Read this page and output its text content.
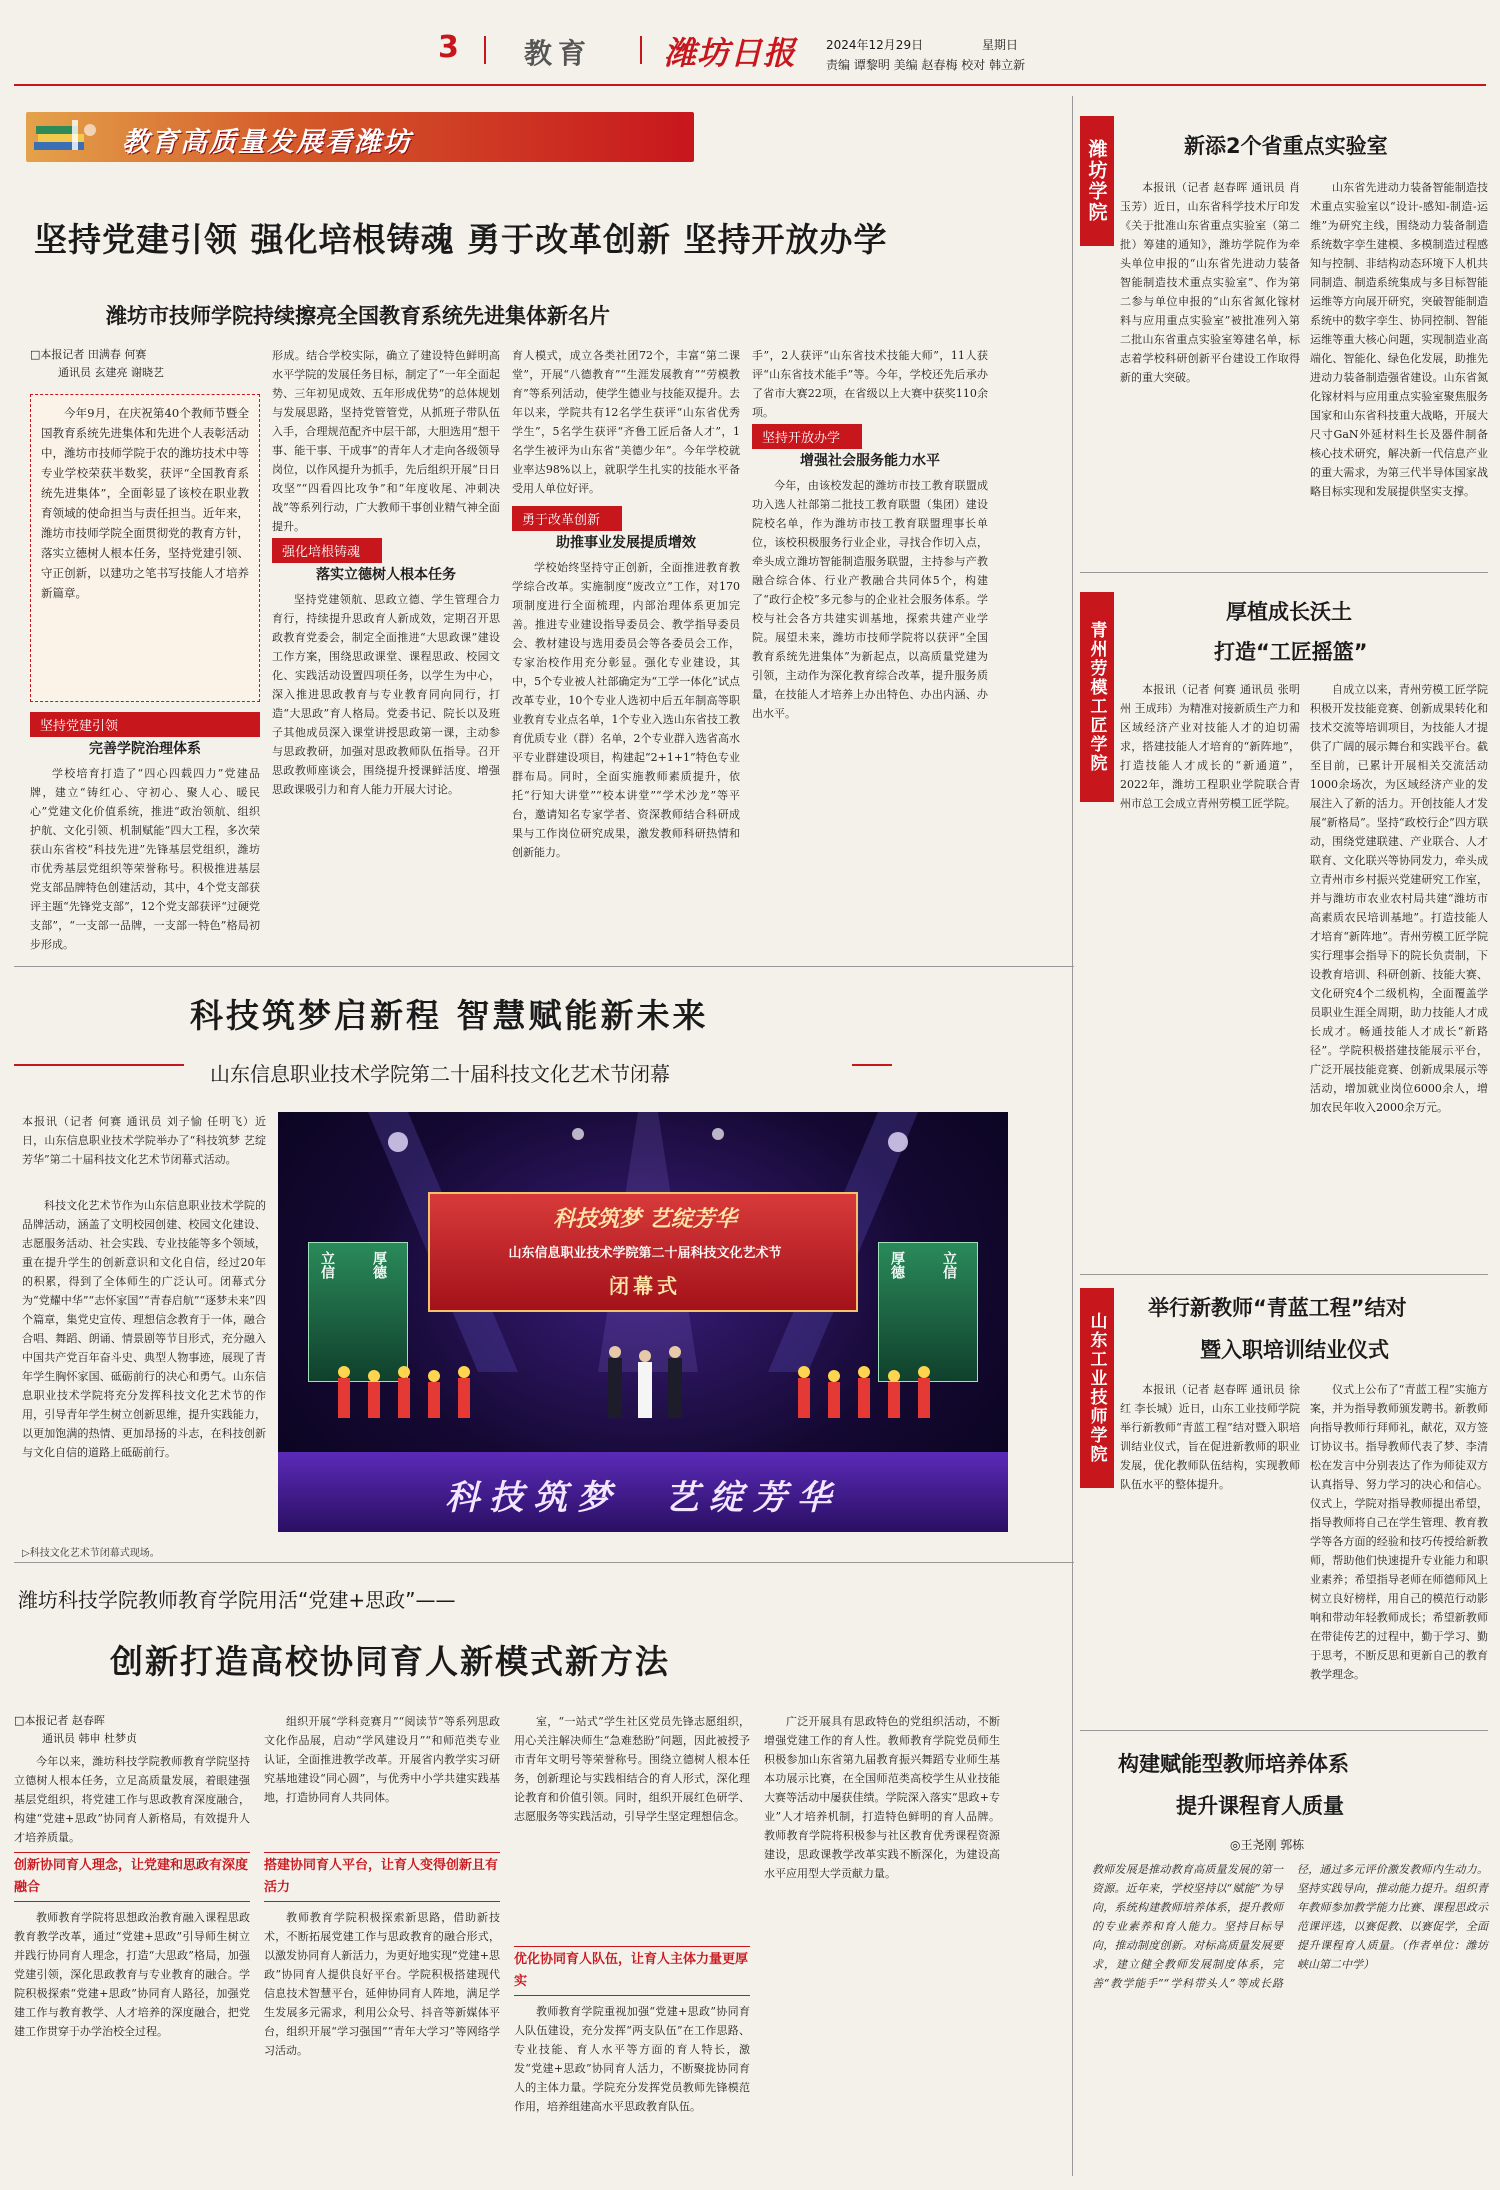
3 教育 潍坊日报 2024年12月29日	星期日
责编 谭黎明 美编 赵春梅 校对 韩立新
教育高质量发展看潍坊
坚持党建引领 强化培根铸魂 勇于改革创新 坚持开放办学
潍坊市技师学院持续擦亮全国教育系统先进集体新名片
□本报记者 田满春 何赛
通讯员 玄建亮 谢晓艺
今年9月，在庆祝第40个教师节暨全国教育系统先进集体和先进个人表彰活动中，潍坊市技师学院于农的潍坊技术中等专业学校荣获半数奖，获评“全国教育系统先进集体”，全面彰显了该校在职业教育领域的使命担当与责任担当。近年来，潍坊市技师学院全面贯彻党的教育方针，落实立德树人根本任务，坚持党建引领、守正创新，以建功之笔书写技能人才培养新篇章。
坚持党建引领
完善学院治理体系
学校培育打造了“四心四载四力”党建品牌，建立“铸红心、守初心、聚人心、暖民心”党建文化价值系统，推进“政治领航、组织护航、文化引领、机制赋能”四大工程，多次荣获山东省校“科技先进”先锋基层党组织，潍坊市优秀基层党组织等荣誉称号。积极推进基层党支部品牌特色创建活动，其中，4个党支部获评主题“先锋党支部”，12个党支部获评“过硬党支部”，“一支部一品牌，一支部一特色”格局初步形成。
形成。结合学校实际，确立了建设特色鲜明高水平学院的发展任务目标，制定了“一年全面起势、三年初见成效、五年形成优势”的总体规划与发展思路，坚持党管管党，从抓班子带队伍入手，合理规范配齐中层干部，大胆选用“想干事、能干事、干成事”的青年人才走向各级领导岗位，以作风提升为抓手，先后组织开展“日日攻坚”“四看四比攻争”和“年度收尾、冲刺决战”等系列行动，广大教师干事创业精气神全面提升。
强化培根铸魂
落实立德树人根本任务
坚持党建领航、思政立德、学生管理合力育行，持续提升思政育人新成效，定期召开思政教育党委会，制定全面推进“大思政课”建设工作方案，围绕思政课堂、课程思政、校园文化、实践活动设置四项任务，以学生为中心，深入推进思政教育与专业教育同向同行，打造“大思政”育人格局。党委书记、院长以及班子其他成员深入课堂讲授思政第一课，主动参与思政教研，加强对思政教师队伍指导。召开思政教师座谈会，围绕提升授课鲜活度、增强思政课吸引力和育人能力开展大讨论。
育人模式，成立各类社团72个，丰富“第二课堂”，开展“八德教育”“生涯发展教育”“劳模教育”等系列活动，使学生德业与技能双提升。去年以来，学院共有12名学生获评“山东省优秀学生”，5名学生获评“齐鲁工匠后备人才”，1名学生被评为山东省“美德少年”。今年学校就业率达98%以上，就职学生扎实的技能水平备受用人单位好评。
勇于改革创新
助推事业发展提质增效
学校始终坚持守正创新，全面推进教育教学综合改革。实施制度“废改立”工作，对170项制度进行全面梳理，内部治理体系更加完善。推进专业建设指导委员会、教学指导委员会、教材建设与选用委员会等各委员会工作，专家治校作用充分彰显。强化专业建设，其中，5个专业被人社部确定为“工学一体化”试点改革专业，10个专业人选初中后五年制高等职业教育专业点名单，1个专业入选山东省技工教育优质专业（群）名单，2个专业群入选省高水平专业群建设项目，构建起“2+1+1”特色专业群布局。同时，全面实施教师素质提升，依托“行知大讲堂”“校本讲堂”“学术沙龙”等平台，邀请知名专家学者、资深教师结合科研成果与工作岗位研究成果，激发教师科研热情和创新能力。
手”，2人获评“山东省技术技能大师”，11人获评“山东省技术能手”等。今年，学校还先后承办了省市大赛22项，在省级以上大赛中获奖110余项。
坚持开放办学
增强社会服务能力水平
今年，由该校发起的潍坊市技工教育联盟成功入选人社部第二批技工教育联盟（集团）建设院校名单，作为潍坊市技工教育联盟理事长单位，该校积极服务行业企业，寻找合作切入点，牵头成立潍坊智能制造服务联盟，主持参与产教融合综合体、行业产教融合共同体5个，构建了“政行企校”多元参与的企业社会服务体系。学校与社会各方共建实训基地，探索共建产业学院。展望未来，潍坊市技师学院将以获评“全国教育系统先进集体”为新起点，以高质量党建为引领，主动作为深化教育综合改革，提升服务质量，在技能人才培养上办出特色、办出内涵、办出水平。
科技筑梦启新程 智慧赋能新未来
山东信息职业技术学院第二十届科技文化艺术节闭幕
本报讯（记者 何赛 通讯员 刘子愉 任明飞）近日，山东信息职业技术学院举办了“科技筑梦 艺绽芳华”第二十届科技文化艺术节闭幕式活动。
科技文化艺术节作为山东信息职业技术学院的品牌活动，涵盖了文明校园创建、校园文化建设、志愿服务活动、社会实践、专业技能等多个领域，重在提升学生的创新意识和文化自信，经过20年的积累，得到了全体师生的广泛认可。闭幕式分为“党耀中华”“志怀家国”“青春启航”“逐梦未来”四个篇章，集党史宣传、理想信念教育于一体，融合合唱、舞蹈、朗诵、情景剧等节目形式，充分融入中国共产党百年奋斗史、典型人物事迹，展现了青年学生胸怀家国、砥砺前行的决心和勇气。山东信息职业技术学院将充分发挥科技文化艺术节的作用，引导青年学生树立创新思维，提升实践能力，以更加饱满的热情、更加昂扬的斗志，在科技创新与文化自信的道路上砥砺前行。
▷科技文化艺术节闭幕式现场。
科技筑梦 艺绽芳华
山东信息职业技术学院第二十届科技文化艺术节
闭幕式
立信	厚德	厚德	立信
科技筑梦  艺绽芳华
潍坊科技学院教师教育学院用活“党建+思政”——
创新打造高校协同育人新模式新方法
□本报记者 赵春晖
通讯员 韩申 杜梦贞
今年以来，潍坊科技学院教师教育学院坚持立德树人根本任务，立足高质量发展，着眼建强基层党组织，将党建工作与思政教育深度融合，构建“党建+思政”协同育人新格局，有效提升人才培养质量。
创新协同育人理念，让党建和思政有深度融合
教师教育学院将思想政治教育融入课程思政教育教学改革，通过“党建+思政”引导师生树立并践行协同育人理念，打造“大思政”格局，加强党建引领，深化思政教育与专业教育的融合。学院积极探索“党建+思政”协同育人路径，加强党建工作与教育教学、人才培养的深度融合，把党建工作贯穿于办学治校全过程。
组织开展“学科竞赛月”“阅读节”等系列思政文化作品展，启动“学风建设月”“和师范类专业认证，全面推进教学改革。开展省内教学实习研究基地建设“同心圆”，与优秀中小学共建实践基地，打造协同育人共同体。
搭建协同育人平台，让育人变得创新且有活力
教师教育学院积极探索新思路，借助新技术，不断拓展党建工作与思政教育的融合形式，以激发协同育人新活力，为更好地实现“党建+思政”协同育人提供良好平台。学院积极搭建现代信息技术智慧平台，延伸协同育人阵地，满足学生发展多元需求，利用公众号、抖音等新媒体平台，组织开展“学习强国”“青年大学习”等网络学习活动。
室，“一站式”学生社区党员先锋志愿组织，用心关注解决师生“急难愁盼”问题，因此被授予市青年文明号等荣誉称号。围绕立德树人根本任务，创新理论与实践相结合的育人形式，深化理论教育和价值引领。同时，组织开展红色研学、志愿服务等实践活动，引导学生坚定理想信念。
优化协同育人队伍，让育人主体力量更厚实
教师教育学院重视加强“党建+思政”协同育人队伍建设，充分发挥“两支队伍”在工作思路、专业技能、育人水平等方面的育人特长，激发“党建+思政”协同育人活力，不断聚拢协同育人的主体力量。学院充分发挥党员教师先锋模范作用，培养组建高水平思政教育队伍。
广泛开展具有思政特色的党组织活动，不断增强党建工作的育人性。教师教育学院党员师生积极参加山东省第九届教育振兴舞蹈专业师生基本功展示比赛，在全国师范类高校学生从业技能大赛等活动中屡获佳绩。学院深入落实“思政+专业”人才培养机制，打造特色鲜明的育人品牌。教师教育学院将积极参与社区教育优秀课程资源建设，思政课教学改革实践不断深化，为建设高水平应用型大学贡献力量。
潍坊学院	新添2个省重点实验室
本报讯（记者 赵春晖 通讯员 肖玉芳）近日，山东省科学技术厅印发《关于批准山东省重点实验室（第二批）筹建的通知》，潍坊学院作为牵头单位申报的“山东省先进动力装备智能制造技术重点实验室”、作为第二参与单位申报的“山东省氮化镓材料与应用重点实验室”被批准列入第二批山东省重点实验室筹建名单，标志着学校科研创新平台建设工作取得新的重大突破。
山东省先进动力装备智能制造技术重点实验室以“设计-感知-制造-运维”为研究主线，围绕动力装备制造系统数字孪生建模、多模制造过程感知与控制、非结构动态环境下人机共同制造、制造系统集成与多目标智能运维等方向展开研究，突破智能制造系统中的数字孪生、协同控制、智能运维等重大核心问题，实现制造业高端化、智能化、绿色化发展，助推先进动力装备制造强省建设。山东省氮化镓材料与应用重点实验室聚焦服务国家和山东省科技重大战略，开展大尺寸GaN外延材料生长及器件制备核心技术研究，解决新一代信息产业的重大需求，为第三代半导体国家战略目标实现和发展提供坚实支撑。
青州劳模工匠学院
厚植成长沃土
打造“工匠摇篮”
本报讯（记者 何赛 通讯员 张明州 王成玮）为精准对接新质生产力和区域经济产业对技能人才的迫切需求，搭建技能人才培育的“新阵地”，打造技能人才成长的“新通道”，2022年，潍坊工程职业学院联合青州市总工会成立青州劳模工匠学院。
自成立以来，青州劳模工匠学院积极开发技能竞赛、创新成果转化和技术交流等培训项目，为技能人才提供了广阔的展示舞台和实践平台。截至目前，已累计开展相关交流活动1000余场次，为区域经济产业的发展注入了新的活力。开创技能人才发展“新格局”。坚持“政校行企”四方联动，围绕党建联建、产业联合、人才联育、文化联兴等协同发力，牵头成立青州市乡村振兴党建研究工作室，并与潍坊市农业农村局共建“潍坊市高素质农民培训基地”。打造技能人才培育“新阵地”。青州劳模工匠学院实行理事会指导下的院长负责制，下设教育培训、科研创新、技能大赛、文化研究4个二级机构，全面覆盖学员职业生涯全周期，助力技能人才成长成才。畅通技能人才成长“新路径”。学院积极搭建技能展示平台，广泛开展技能竞赛、创新成果展示等活动，增加就业岗位6000余人，增加农民年收入2000余万元。
山东工业技师学院
举行新教师“青蓝工程”结对
暨入职培训结业仪式
本报讯（记者 赵春晖 通讯员 徐红 李长城）近日，山东工业技师学院举行新教师“青蓝工程”结对暨入职培训结业仪式，旨在促进新教师的职业发展，优化教师队伍结构，实现教师队伍水平的整体提升。
仪式上公布了“青蓝工程”实施方案，并为指导教师颁发聘书。新教师向指导教师行拜师礼，献花，双方签订协议书。指导教师代表了梦、李清松在发言中分别表达了作为师徒双方认真指导、努力学习的决心和信心。仪式上，学院对指导教师提出希望，指导教师将自己在学生管理、教育教学等各方面的经验和技巧传授给新教师，帮助他们快速提升专业能力和职业素养；希望指导老师在师德师风上树立良好榜样，用自己的模范行动影响和带动年轻教师成长；希望新教师在带徒传艺的过程中，勤于学习、勤于思考，不断反思和更新自己的教育教学理念。
构建赋能型教师培养体系
提升课程育人质量
◎王尧刚 郭栋
教师发展是推动教育高质量发展的第一资源。近年来，学校坚持以“赋能”为导向，系统构建教师培养体系，提升教师的专业素养和育人能力。坚持目标导向，推动制度创新。对标高质量发展要求，建立健全教师发展制度体系，完善“教学能手”“学科带头人”等成长路径，通过多元评价激发教师内生动力。坚持实践导向，推动能力提升。组织青年教师参加教学能力比赛、课程思政示范课评选，以赛促教、以赛促学，全面提升课程育人质量。（作者单位：潍坊峡山第二中学）
